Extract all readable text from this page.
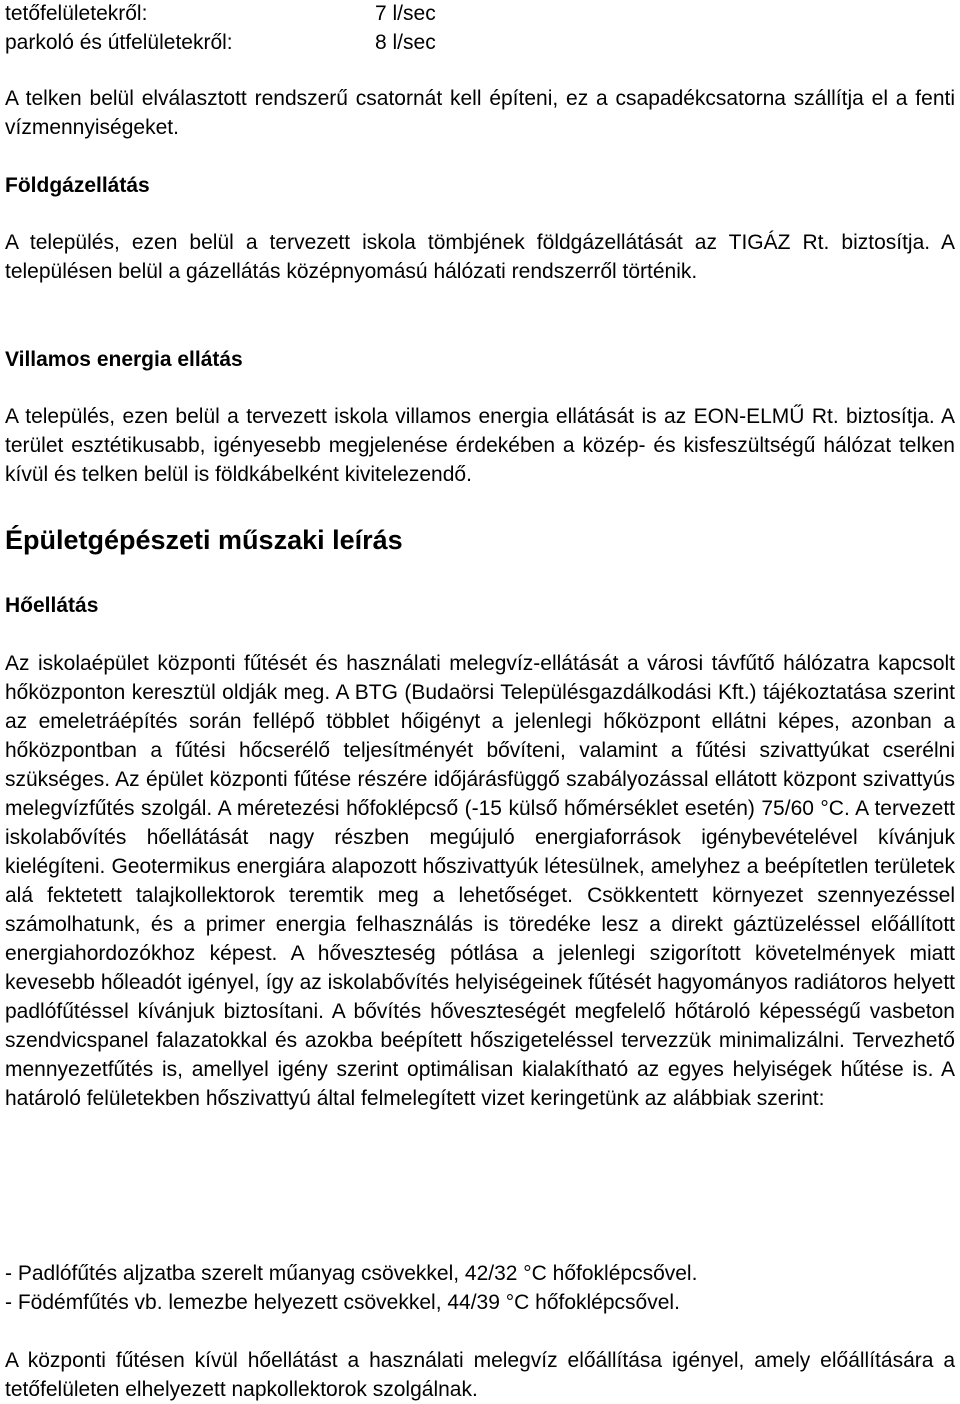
tetőfelületekről:	7 l/sec
parkoló és útfelületekről:	8 l/sec

A telken belül elválasztott rendszerű csatornát kell építeni, ez a csapadékcsatorna szállítja el a fenti vízmennyiségeket.

Földgázellátás

A település, ezen belül a tervezett iskola tömbjének földgázellátását az TIGÁZ Rt. biztosítja. A településen belül a gázellátás középnyomású hálózati rendszerről történik.

Villamos energia ellátás

A település, ezen belül a tervezett iskola villamos energia ellátását is az EON-ELMŰ Rt. biztosítja. A terület esztétikusabb, igényesebb megjelenése érdekében a közép- és kisfeszültségű hálózat telken kívül és telken belül is földkábelként kivitelezendő.

Épületgépészeti műszaki leírás

Hőellátás

Az iskolaépület központi fűtését és használati melegvíz-ellátását a városi távfűtő hálózatra kapcsolt hőközponton keresztül oldják meg. A BTG (Budaörsi Településgazdálkodási Kft.) tájékoztatása szerint az emeletráépítés során fellépő többlet hőigényt a jelenlegi hőközpont ellátni képes, azonban a hőközpontban a fűtési hőcserélő teljesítményét bővíteni, valamint a fűtési szivattyúkat cserélni szükséges. Az épület központi fűtése részére időjárásfüggő szabályozással ellátott központ szivattyús melegvízfűtés szolgál. A méretezési hőfoklépcső (-15 külső hőmérséklet esetén) 75/60 °C. A tervezett iskolabővítés hőellátását nagy részben megújuló energiaforrások igénybevételével kívánjuk kielégíteni. Geotermikus energiára alapozott hőszivattyúk létesülnek, amelyhez a beépítetlen területek alá fektetett talajkollektorok teremtik meg a lehetőséget. Csökkentett környezet szennyezéssel számolhatunk, és a primer energia felhasználás is töredéke lesz a direkt gáztüzeléssel előállított energiahordozókhoz képest. A hőveszteség pótlása a jelenlegi szigorított követelmények miatt kevesebb hőleadót igényel, így az iskolabővítés helyiségeinek fűtését hagyományos radiátoros helyett padlófűtéssel kívánjuk biztosítani. A bővítés hőveszteségét megfelelő hőtároló képességű vasbeton szendvicspanel falazatokkal és azokba beépített hőszigeteléssel tervezzük minimalizálni. Tervezhető mennyezetfűtés is, amellyel igény szerint optimálisan kialakítható az egyes helyiségek hűtése is. A határoló felületekben hőszivattyú által felmelegített vizet keringetünk az alábbiak szerint:

- Padlófűtés aljzatba szerelt műanyag csövekkel, 42/32 °C hőfoklépcsővel.

- Födémfűtés vb. lemezbe helyezett csövekkel, 44/39 °C hőfoklépcsővel.

A központi fűtésen kívül hőellátást a használati melegvíz előállítása igényel, amely előállítására a tetőfelületen elhelyezett napkollektorok szolgálnak.
